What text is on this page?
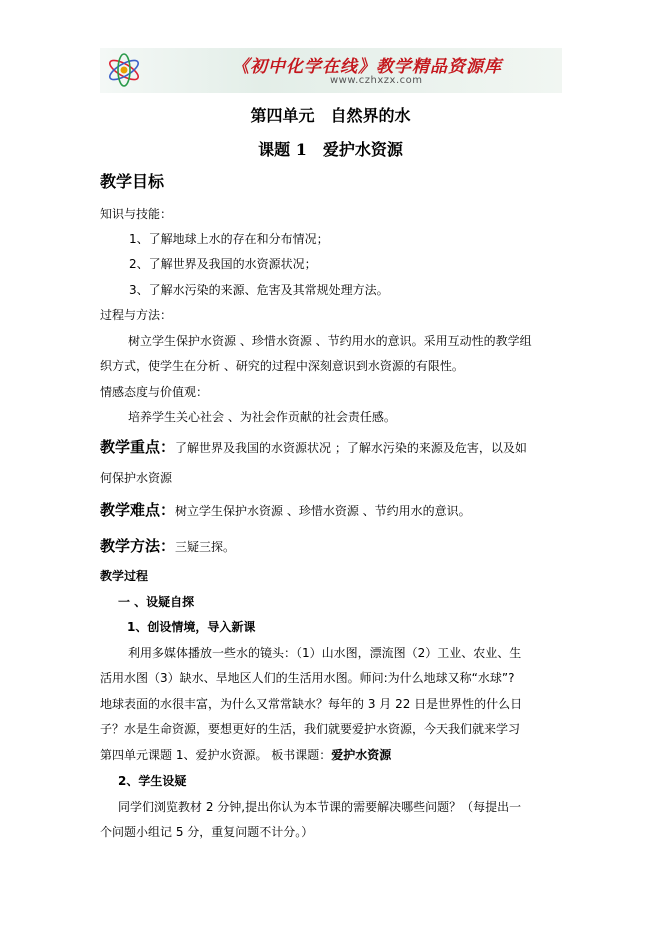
《初中化学在线》教学精品资源库
www.czhxzx.com
第四单元　自然界的水
课题 1　爱护水资源
教学目标
知识与技能：
1、了解地球上水的存在和分布情况；
2、了解世界及我国的水资源状况；
3、了解水污染的来源、危害及其常规处理方法。
过程与方法：
树立学生保护水资源 、珍惜水资源 、节约用水的意识。采用互动性的教学组
织方式，使学生在分析 、研究的过程中深刻意识到水资源的有限性。
情感态度与价值观：
培养学生关心社会 、为社会作贡献的社会责任感。
教学重点：了解世界及我国的水资源状况 ；了解水污染的来源及危害，以及如
何保护水资源
教学难点：树立学生保护水资源 、珍惜水资源 、节约用水的意识。
教学方法：三疑三探。
教学过程
一 、设疑自探
1、创设情境，导入新课
利用多媒体播放一些水的镜头：（1）山水图，漂流图（2）工业、农业、生
活用水图（3）缺水、旱地区人们的生活用水图。师问:为什么地球又称“水球”?
地球表面的水很丰富，为什么又常常缺水？每年的 3 月 22 日是世界性的什么日
子？水是生命资源，要想更好的生活，我们就要爱护水资源，今天我们就来学习
第四单元课题 1、爱护水资源。 板书课题：爱护水资源
2、学生设疑
同学们浏览教材 2 分钟,提出你认为本节课的需要解决哪些问题？（每提出一
个问题小组记 5 分，重复问题不计分。）
